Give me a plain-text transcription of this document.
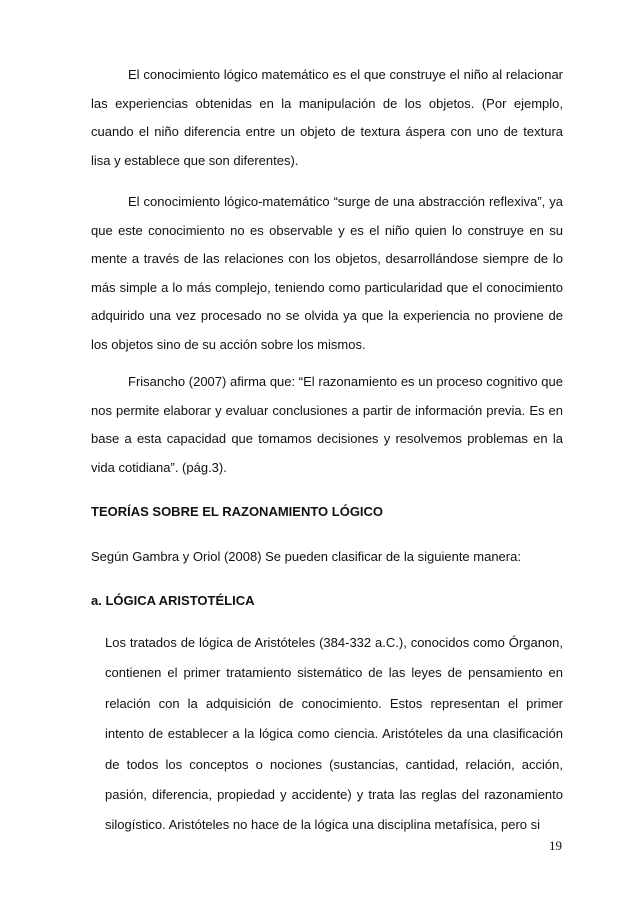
El conocimiento lógico matemático es el que construye el niño al relacionar las experiencias obtenidas en la manipulación de los objetos. (Por ejemplo, cuando el niño diferencia entre un objeto de textura áspera con uno de textura lisa y establece que son diferentes).

El conocimiento lógico-matemático “surge de una abstracción reflexiva”, ya que este conocimiento no es observable y es el niño quien lo construye en su mente a través de las relaciones con los objetos, desarrollándose siempre de lo más simple a lo más complejo, teniendo como particularidad que el conocimiento adquirido una vez procesado no se olvida ya que la experiencia no proviene de los objetos sino de su acción sobre los mismos.

Frisancho (2007) afirma que: “El razonamiento es un proceso cognitivo que nos permite elaborar y evaluar conclusiones a partir de información previa. Es en base a esta capacidad que tomamos decisiones y resolvemos problemas en la vida cotidiana”. (pág.3).

TEORÍAS SOBRE EL RAZONAMIENTO LÓGICO

Según Gambra y Oriol (2008) Se pueden clasificar de la siguiente manera:

a. LÓGICA ARISTOTÉLICA

Los tratados de lógica de Aristóteles (384-332 a.C.), conocidos como Órganon, contienen el primer tratamiento sistemático de las leyes de pensamiento en relación con la adquisición de conocimiento. Estos representan el primer intento de establecer a la lógica como ciencia. Aristóteles da una clasificación de todos los conceptos o nociones (sustancias, cantidad, relación, acción, pasión, diferencia, propiedad y accidente) y trata las reglas del razonamiento silogístico. Aristóteles no hace de la lógica una disciplina metafísica, pero si

19
